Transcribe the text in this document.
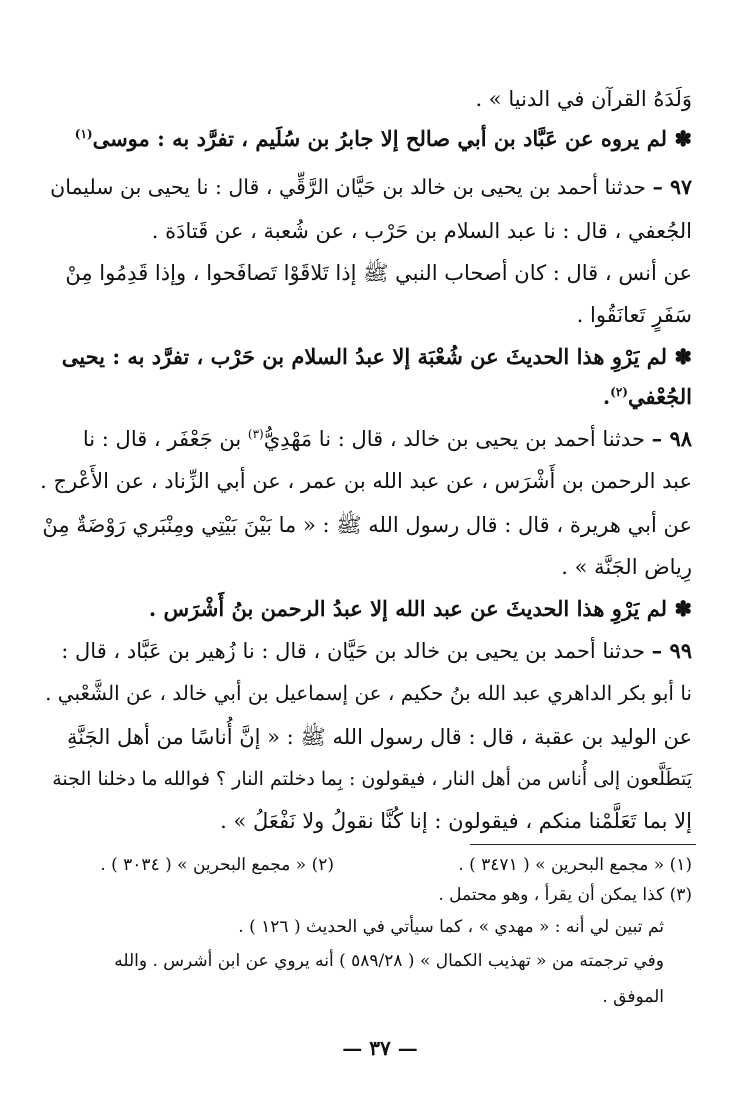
وَلَدَهُ القرآن في الدنيا » .
✽ لم يروه عن عَبَّاد بن أبي صالح إلا جابرُ بن سُلَيم ، تفرَّد به : موسى$^{(١)}$
٩٧ – حدثنا أحمد بن يحيى بن خالد بن حَيَّان الرَّقِّي ، قال : نا يحيى بن سليمان
الجُعفي ، قال : نا عبد السلام بن حَرْب ، عن شُعبة ، عن قَتادَة .
عن أنس ، قال : كان أصحاب النبي ﷺ إذا تَلاقَوْا تَصافَحوا ، وإذا قَدِمُوا مِنْ
سَفَرٍ تَعانَقُوا .
✽ لم يَرْوِ هذا الحديثَ عن شُعْبَة إلا عبدُ السلام بن حَرْب ، تفرَّد به : يحيى
الجُعْفي$^{(٢)}$.
٩٨ – حدثنا أحمد بن يحيى بن خالد ، قال : نا مَهْدِيُّ$^{(٣)}$ بن جَعْفَر ، قال : نا
عبد الرحمن بن أَشْرَس ، عن عبد الله بن عمر ، عن أبي الزِّناد ، عن الأَعْرج .
عن أبي هريرة ، قال : قال رسول الله ﷺ : « ما بَيْنَ بَيْتِي ومِنْبَري رَوْضَةٌ مِنْ
رِياض الجَنَّة » .
✽ لم يَرْوِ هذا الحديثَ عن عبد الله إلا عبدُ الرحمن بنُ أَشْرَس .
٩٩ – حدثنا أحمد بن يحيى بن خالد بن حَيَّان ، قال : نا زُهير بن عَبَّاد ، قال :
نا أبو بكر الداهري عبد الله بنُ حكيم ، عن إسماعيل بن أبي خالد ، عن الشَّعْبي .
عن الوليد بن عقبة ، قال : قال رسول الله ﷺ : « إنَّ أُناسًا من أهل الجَنَّةِ
يَتطَلَّعون إلى أُناس من أهل النار ، فيقولون : بِما دخلتم النار ؟ فوالله ما دخلنا الجنة
إلا بما تَعَلَّمْنا منكم ، فيقولون : إنا كُنَّا نقولُ ولا نَفْعَلُ » .
(١) « مجمع البحرين » ( ٣٤٧١ ) .
(٢) « مجمع البحرين » ( ٣٠٣٤ ) .
(٣) كذا يمكن أن يقرأ ، وهو محتمل .
ثم تبين لي أنه : « مهدي » ، كما سيأتي في الحديث ( ١٢٦ ) .
وفي ترجمته من « تهذيب الكمال » ( ٥٨٩/٢٨ ) أنه يروي عن ابن أشرس . والله
الموفق .
— ٣٧ —
